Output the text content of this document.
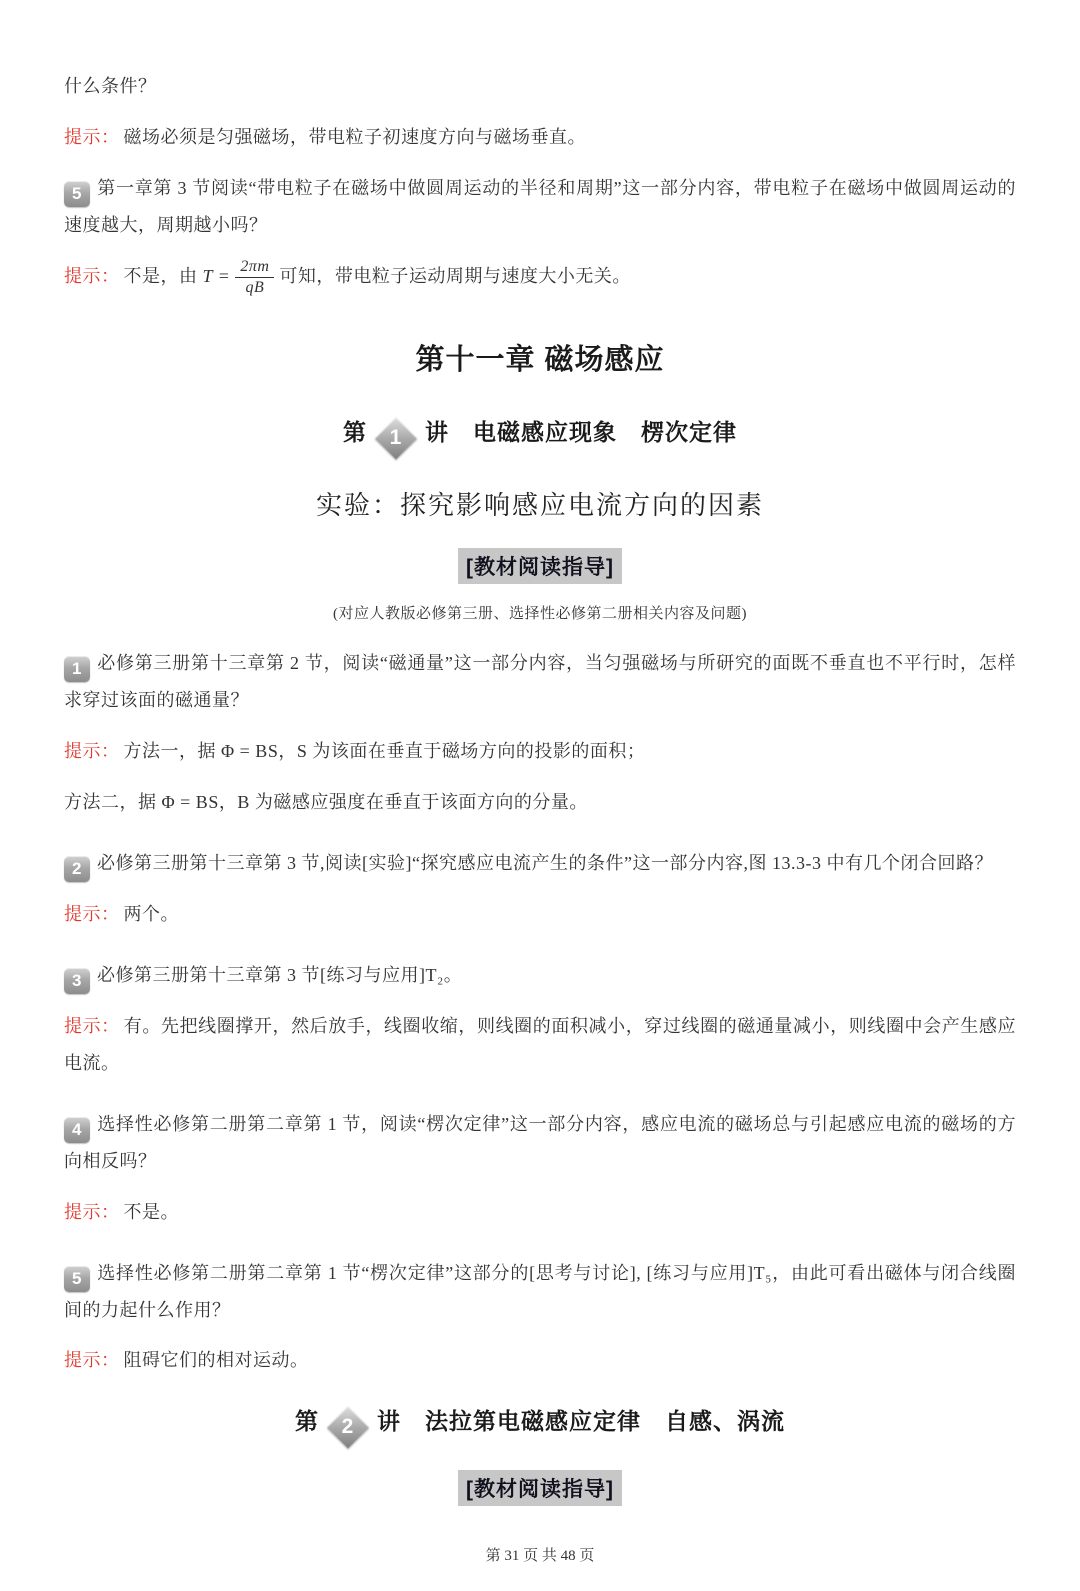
什么条件？

提示： 磁场必须是匀强磁场，带电粒子初速度方向与磁场垂直。

5 第一章第 3 节阅读“带电粒子在磁场中做圆周运动的半径和周期”这一部分内容，带电粒子在磁场中做圆周运动的速度越大，周期越小吗？

提示： 不是，由 $T = \frac{2\pi m}{qB}$ 可知，带电粒子运动周期与速度大小无关。

第十一章 磁场感应
第	1 讲　 电磁感应现象　楞次定律
实验：探究影响感应电流方向的因素
[教材阅读指导]

(对应人教版必修第三册、选择性必修第二册相关内容及问题)

1 必修第三册第十三章第 2 节，阅读“磁通量”这一部分内容，当匀强磁场与所研究的面既不垂直也不平行时，怎样求穿过该面的磁通量？

提示： 方法一，据 Φ = BS，S 为该面在垂直于磁场方向的投影的面积；

方法二，据 Φ = BS，B 为磁感应强度在垂直于该面方向的分量。

2 必修第三册第十三章第 3 节,阅读[实验]“探究感应电流产生的条件”这一部分内容,图 13.3-3 中有几个闭合回路？

提示： 两个。

3 必修第三册第十三章第 3 节[练习与应用]T₂。

提示： 有。先把线圈撑开，然后放手，线圈收缩，则线圈的面积减小，穿过线圈的磁通量减小，则线圈中会产生感应电流。

4 选择性必修第二册第二章第 1 节，阅读“楞次定律”这一部分内容，感应电流的磁场总与引起感应电流的磁场的方向相反吗？

提示： 不是。

5 选择性必修第二册第二章第 1 节“楞次定律”这部分的[思考与讨论], [练习与应用]T₅，由此可看出磁体与闭合线圈间的力起什么作用？

提示： 阻碍它们的相对运动。

第	2 讲　 法拉第电磁感应定律　自感、涡流
[教材阅读指导]
第 31 页 共 48 页
